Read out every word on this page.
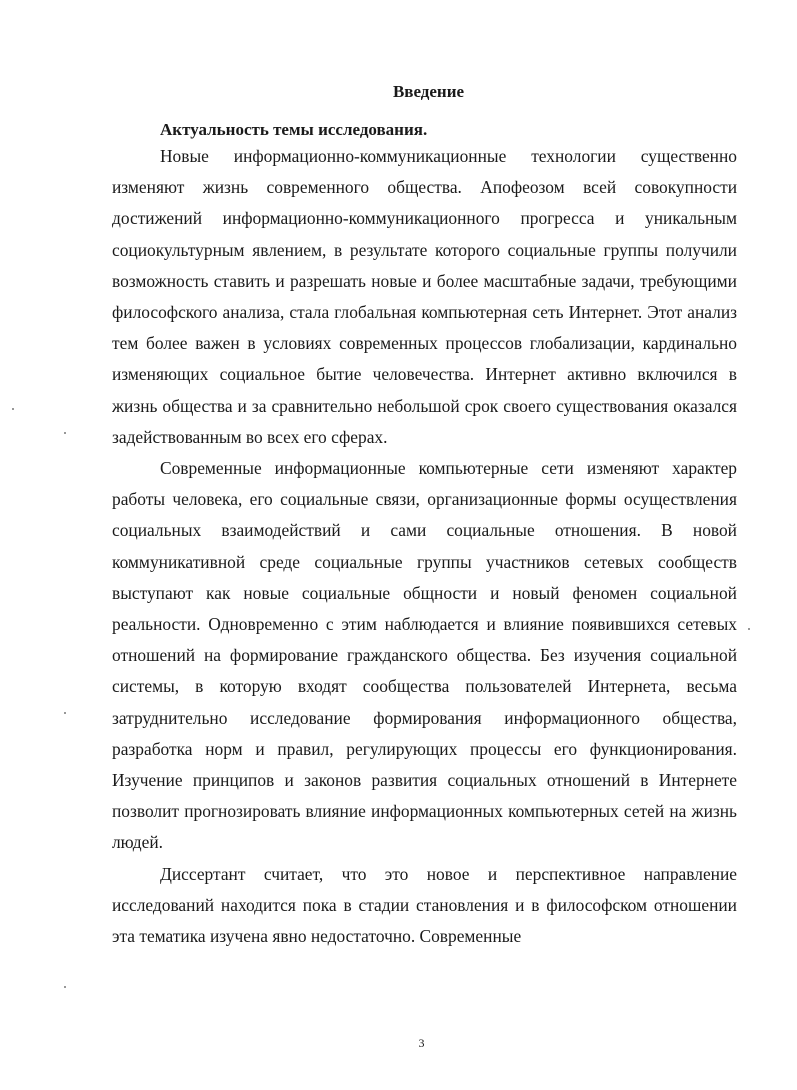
Введение
Актуальность темы исследования.

Новые информационно-коммуникационные технологии существенно изменяют жизнь современного общества. Апофеозом всей совокупности достижений информационно-коммуникационного прогресса и уникальным социокультурным явлением, в результате которого социальные группы получили возможность ставить и разрешать новые и более масштабные задачи, требующими философского анализа, стала глобальная компьютерная сеть Интернет. Этот анализ тем более важен в условиях современных процессов глобализации, кардинально изменяющих социальное бытие человечества. Интернет активно включился в жизнь общества и за сравнительно небольшой срок своего существования оказался задействованным во всех его сферах.

Современные информационные компьютерные сети изменяют характер работы человека, его социальные связи, организационные формы осуществления социальных взаимодействий и сами социальные отношения. В новой коммуникативной среде социальные группы участников сетевых сообществ выступают как новые социальные общности и новый феномен социальной реальности. Одновременно с этим наблюдается и влияние появившихся сетевых отношений на формирование гражданского общества. Без изучения социальной системы, в которую входят сообщества пользователей Интернета, весьма затруднительно исследование формирования информационного общества, разработка норм и правил, регулирующих процессы его функционирования. Изучение принципов и законов развития социальных отношений в Интернете позволит прогнозировать влияние информационных компьютерных сетей на жизнь людей.

Диссертант считает, что это новое и перспективное направление исследований находится пока в стадии становления и в философском отношении эта тематика изучена явно недостаточно. Современные

3
